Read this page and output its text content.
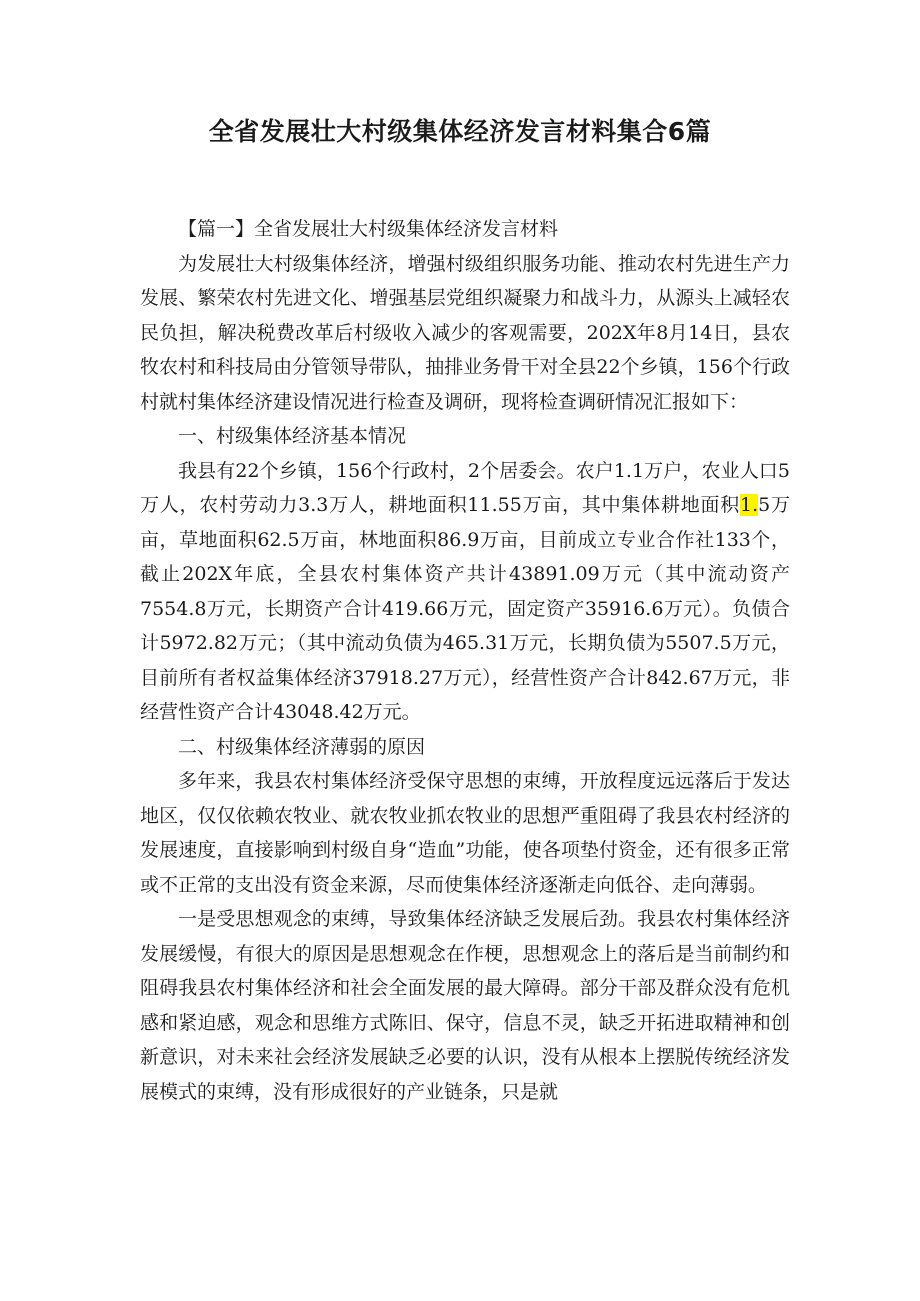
全省发展壮大村级集体经济发言材料集合6篇

【篇一】全省发展壮大村级集体经济发言材料

为发展壮大村级集体经济，增强村级组织服务功能、推动农村先进生产力发展、繁荣农村先进文化、增强基层党组织凝聚力和战斗力，从源头上减轻农民负担，解决税费改革后村级收入减少的客观需要，202X年8月14日，县农牧农村和科技局由分管领导带队，抽排业务骨干对全县22个乡镇，156个行政村就村集体经济建设情况进行检查及调研，现将检查调研情况汇报如下：

一、村级集体经济基本情况

我县有22个乡镇，156个行政村，2个居委会。农户1.1万户，农业人口5万人，农村劳动力3.3万人，耕地面积11.55万亩，其中集体耕地面积1.5万亩，草地面积62.5万亩，林地面积86.9万亩，目前成立专业合作社133个，截止202X年底，全县农村集体资产共计43891.09万元（其中流动资产7554.8万元，长期资产合计419.66万元，固定资产35916.6万元）。负债合计5972.82万元；（其中流动负债为465.31万元，长期负债为5507.5万元，目前所有者权益集体经济37918.27万元），经营性资产合计842.67万元，非经营性资产合计43048.42万元。

二、村级集体经济薄弱的原因

多年来，我县农村集体经济受保守思想的束缚，开放程度远远落后于发达地区，仅仅依赖农牧业、就农牧业抓农牧业的思想严重阻碍了我县农村经济的发展速度，直接影响到村级自身“造血”功能，使各项垫付资金，还有很多正常或不正常的支出没有资金来源，尽而使集体经济逐渐走向低谷、走向薄弱。

一是受思想观念的束缚，导致集体经济缺乏发展后劲。我县农村集体经济发展缓慢，有很大的原因是思想观念在作梗，思想观念上的落后是当前制约和阻碍我县农村集体经济和社会全面发展的最大障碍。部分干部及群众没有危机感和紧迫感，观念和思维方式陈旧、保守，信息不灵，缺乏开拓进取精神和创新意识，对未来社会经济发展缺乏必要的认识，没有从根本上摆脱传统经济发展模式的束缚，没有形成很好的产业链条，只是就
